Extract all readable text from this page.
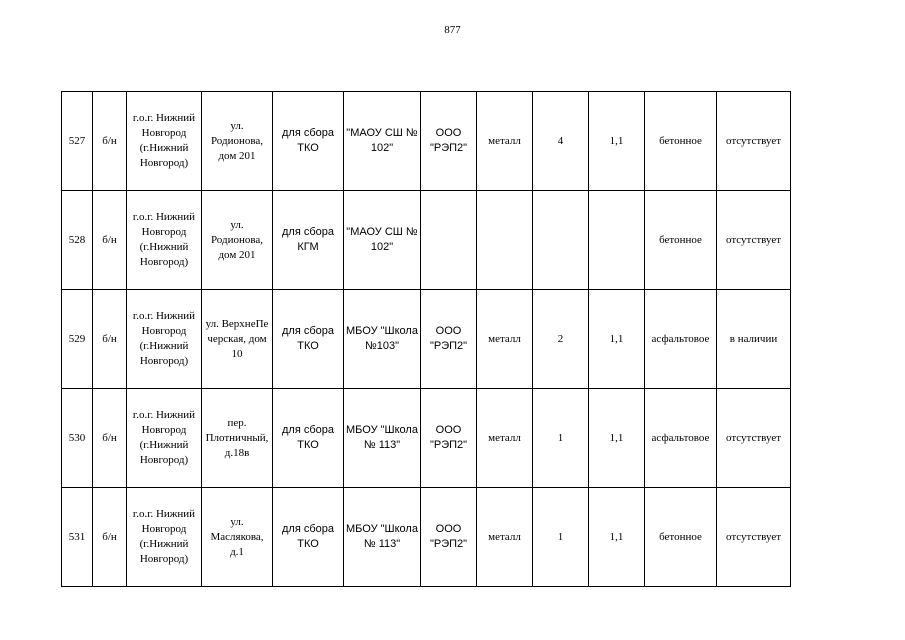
877
527	б/н	г.о.г. Нижний Новгород (г.Нижний Новгород)	ул. Родионова, дом 201	для сбора ТКО	"МАОУ СШ № 102"	ООО "РЭП2"	металл	4	1,1	бетонное	отсутствует
528	б/н	г.о.г. Нижний Новгород (г.Нижний Новгород)	ул. Родионова, дом 201	для сбора КГМ	"МАОУ СШ № 102"					бетонное	отсутствует
529	б/н	г.о.г. Нижний Новгород (г.Нижний Новгород)	ул. ВерхнеПечерская, дом 10	для сбора ТКО	МБОУ "Школа №103"	ООО "РЭП2"	металл	2	1,1	асфальтовое	в наличии
530	б/н	г.о.г. Нижний Новгород (г.Нижний Новгород)	пер. Плотничный, д.18в	для сбора ТКО	МБОУ "Школа № 113"	ООО "РЭП2"	металл	1	1,1	асфальтовое	отсутствует
531	б/н	г.о.г. Нижний Новгород (г.Нижний Новгород)	ул. Маслякова, д.1	для сбора ТКО	МБОУ "Школа № 113"	ООО "РЭП2"	металл	1	1,1	бетонное	отсутствует
